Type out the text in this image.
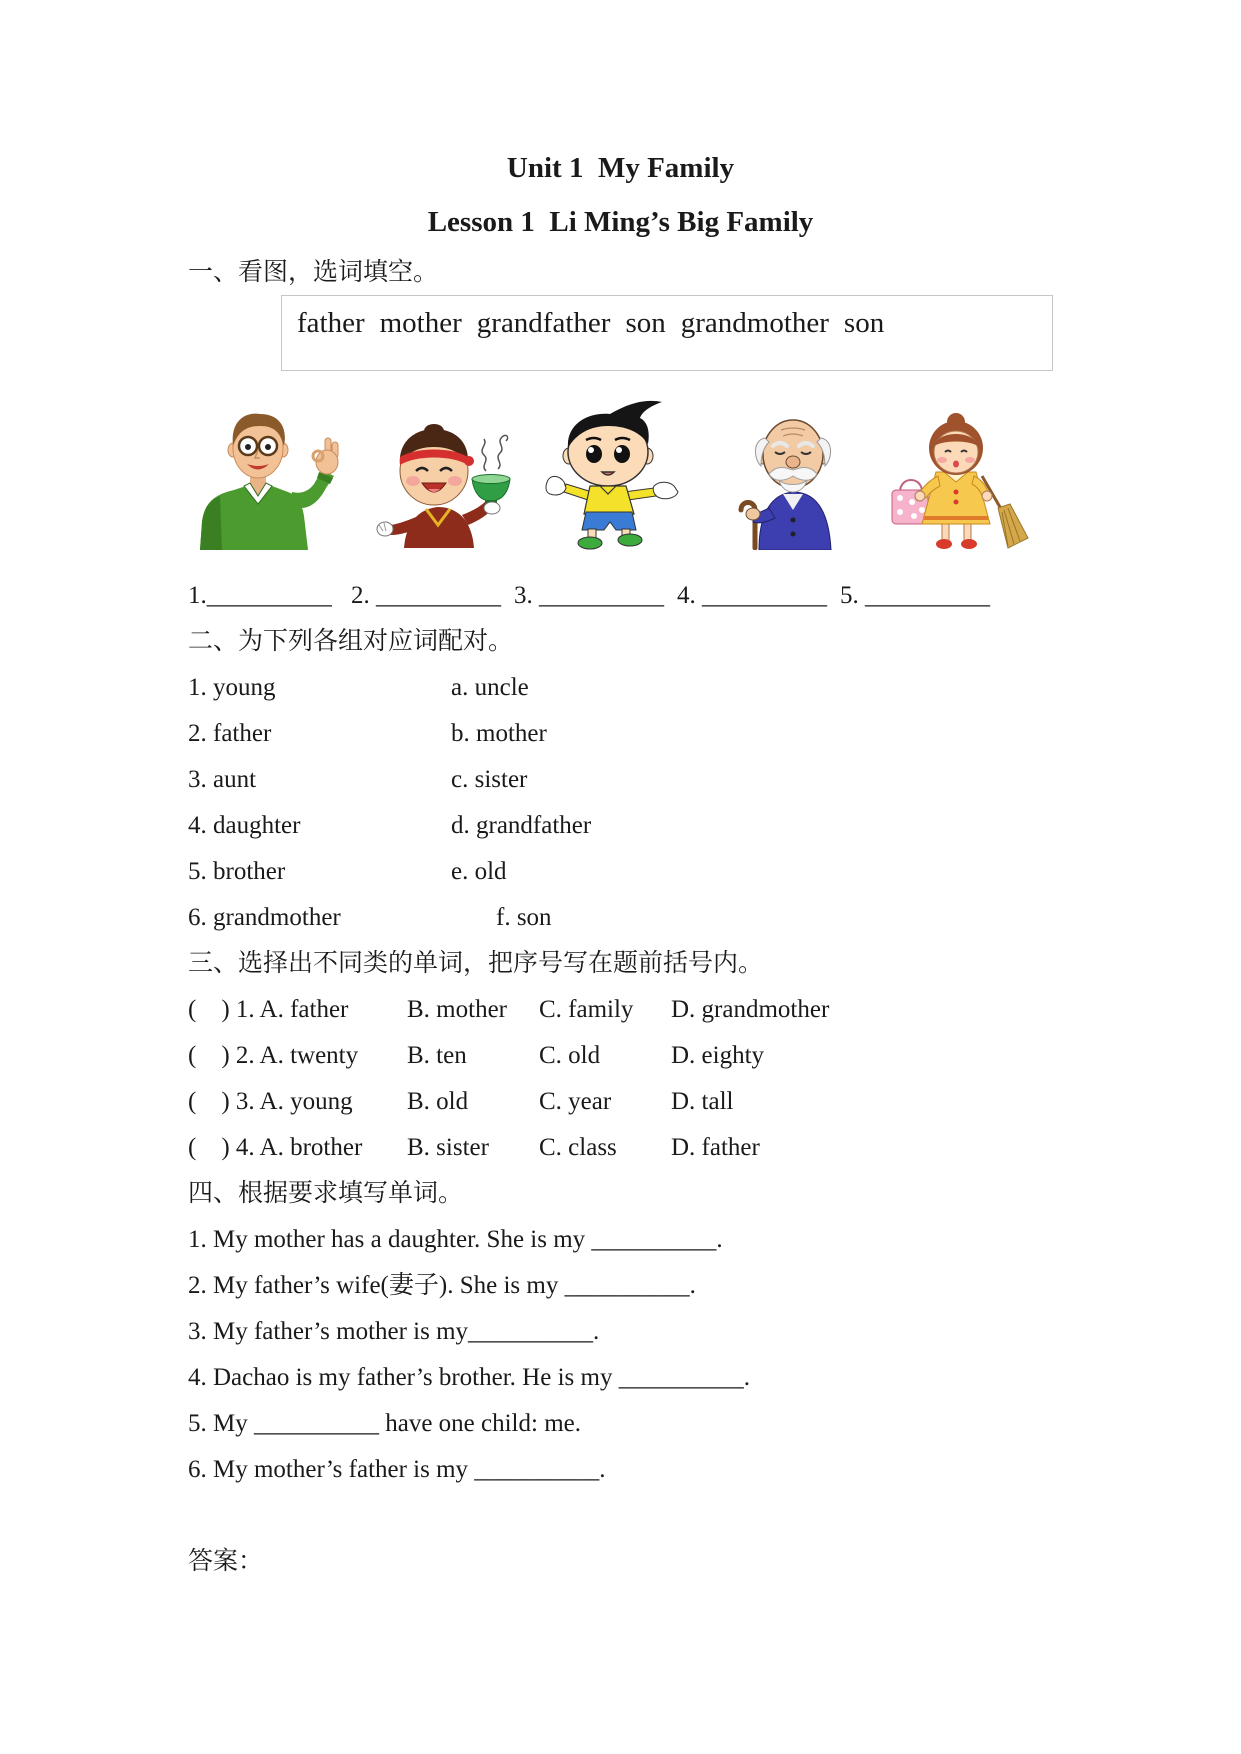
Unit 1  My Family
Lesson 1  Li Ming’s Big Family
一、看图，选词填空。
father mother grandfather son grandmother son

1.__________

2. __________

3. __________

4. __________

5. __________

二、为下列各组对应词配对。

1. young

	a. uncle

2. father

	b. mother

3. aunt

	c. sister

4. daughter

	d. grandfather

5. brother

	e. old

6. grandmother

	f. son

三、选择出不同类的单词，把序号写在题前括号内。

(    ) 1. A. father

B. mother

C. family

D. grandmother

(    ) 2. A. twenty

B. ten

	C. old

	D. eighty

(    ) 3. A. young

B. old

	C. year

D. tall

(    ) 4. A. brother

B. sister

C. class

D. father

四、根据要求填写单词。
1. My mother has a daughter. She is my __________.
2. My father’s wife(妻子). She is my __________.
3. My father’s mother is my__________.
4. Dachao is my father’s brother. He is my __________.
5. My __________ have one child: me.
6. My mother’s father is my __________.
答案：
